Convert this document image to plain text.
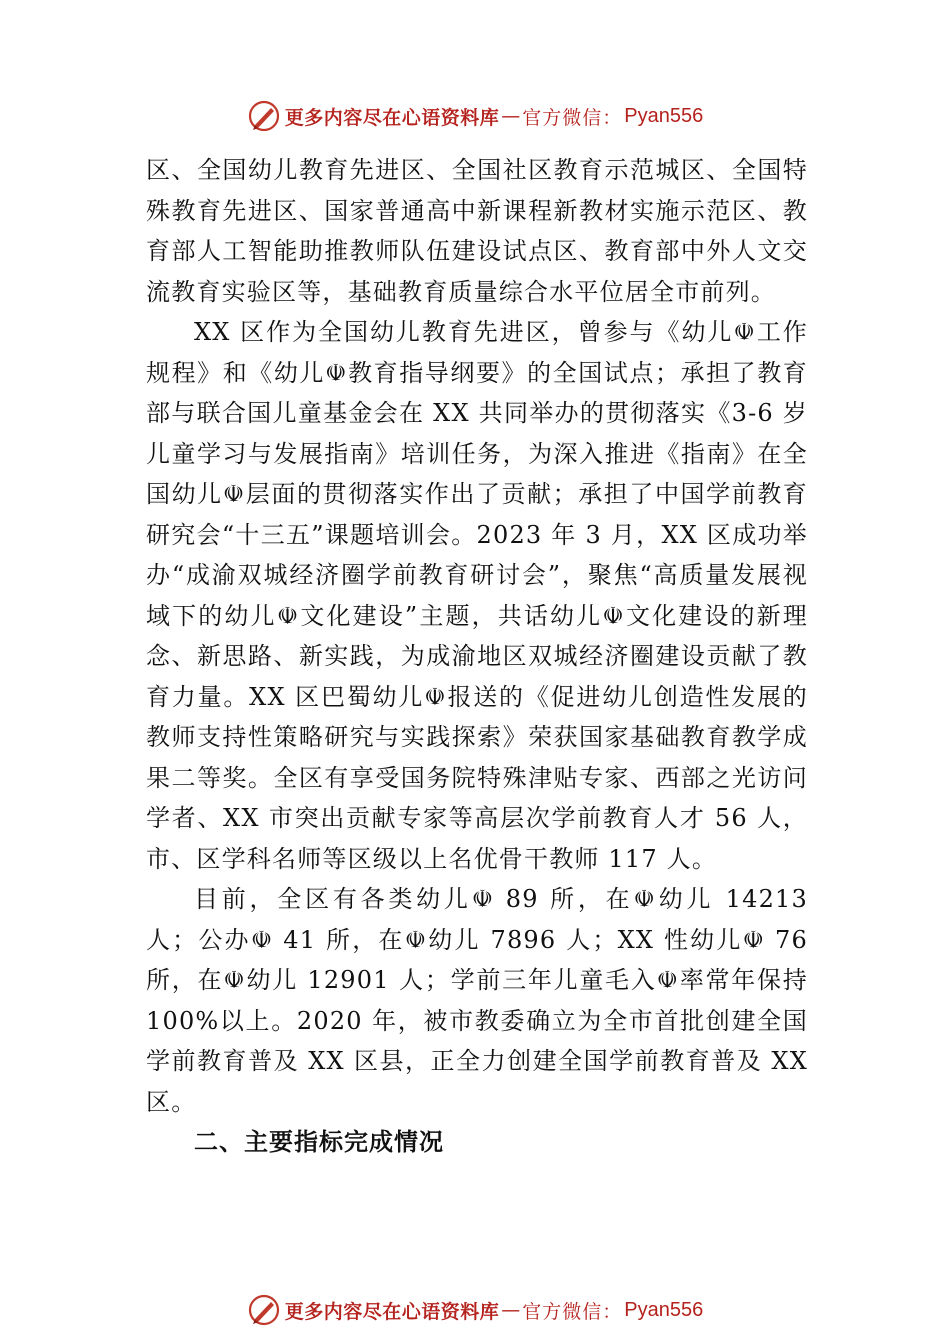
更多内容尽在心语资料库 — 官方微信： Pyan556

区、全国幼儿教育先进区、全国社区教育示范城区、全国特殊教育先进区、国家普通高中新课程新教材实施示范区、教育部人工智能助推教师队伍建设试点区、教育部中外人文交流教育实验区等，基础教育质量综合水平位居全市前列。

XX 区作为全国幼儿教育先进区，曾参与《幼儿☫工作规程》和《幼儿☫教育指导纲要》的全国试点；承担了教育部与联合国儿童基金会在 XX 共同举办的贯彻落实《3-6 岁儿童学习与发展指南》培训任务，为深入推进《指南》在全国幼儿☫层面的贯彻落实作出了贡献；承担了中国学前教育研究会“十三五”课题培训会。2023 年 3 月，XX 区成功举办“成渝双城经济圈学前教育研讨会”，聚焦“高质量发展视域下的幼儿☫文化建设”主题，共话幼儿☫文化建设的新理念、新思路、新实践，为成渝地区双城经济圈建设贡献了教育力量。XX 区巴蜀幼儿☫报送的《促进幼儿创造性发展的教师支持性策略研究与实践探索》荣获国家基础教育教学成果二等奖。全区有享受国务院特殊津贴专家、西部之光访问学者、XX 市突出贡献专家等高层次学前教育人才 56 人，市、区学科名师等区级以上名优骨干教师 117 人。

目前，全区有各类幼儿☫ 89 所，在☫幼儿 14213 人；公办☫ 41 所，在☫幼儿 7896 人；XX 性幼儿☫ 76 所，在☫幼儿 12901 人；学前三年儿童毛入☫率常年保持 100%以上。2020 年，被市教委确立为全市首批创建全国学前教育普及 XX 区县，正全力创建全国学前教育普及 XX 区。

二、主要指标完成情况
更多内容尽在心语资料库 — 官方微信： Pyan556
